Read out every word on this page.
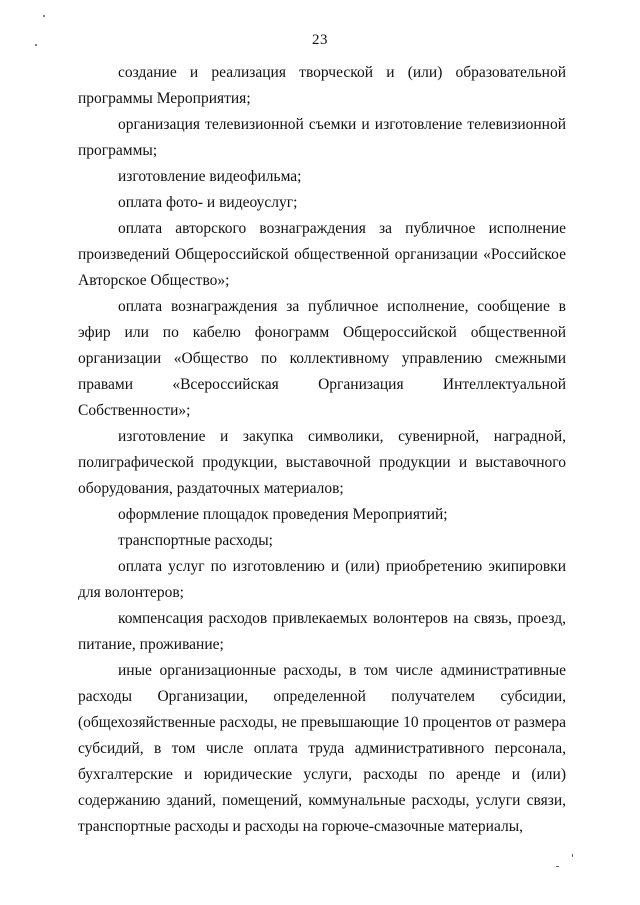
23

создание и реализация творческой и (или) образовательной программы Мероприятия;

организация телевизионной съемки и изготовление телевизионной программы;

изготовление видеофильма;

оплата фото- и видеоуслуг;

оплата авторского вознаграждения за публичное исполнение произведений Общероссийской общественной организации «Российское Авторское Общество»;

оплата вознаграждения за публичное исполнение, сообщение в эфир или по кабелю фонограмм Общероссийской общественной организации «Общество по коллективному управлению смежными правами «Всероссийская Организация Интеллектуальной Собственности»;

изготовление и закупка символики, сувенирной, наградной, полиграфической продукции, выставочной продукции и выставочного оборудования, раздаточных материалов;

оформление площадок проведения Мероприятий;

транспортные расходы;

оплата услуг по изготовлению и (или) приобретению экипировки для волонтеров;

компенсация расходов привлекаемых волонтеров на связь, проезд, питание, проживание;

иные организационные расходы, в том числе административные расходы Организации, определенной получателем субсидии, (общехозяйственные расходы, не превышающие 10 процентов от размера субсидий, в том числе оплата труда административного персонала, бухгалтерские и юридические услуги, расходы по аренде и (или) содержанию зданий, помещений, коммунальные расходы, услуги связи, транспортные расходы и расходы на горюче-смазочные материалы,
